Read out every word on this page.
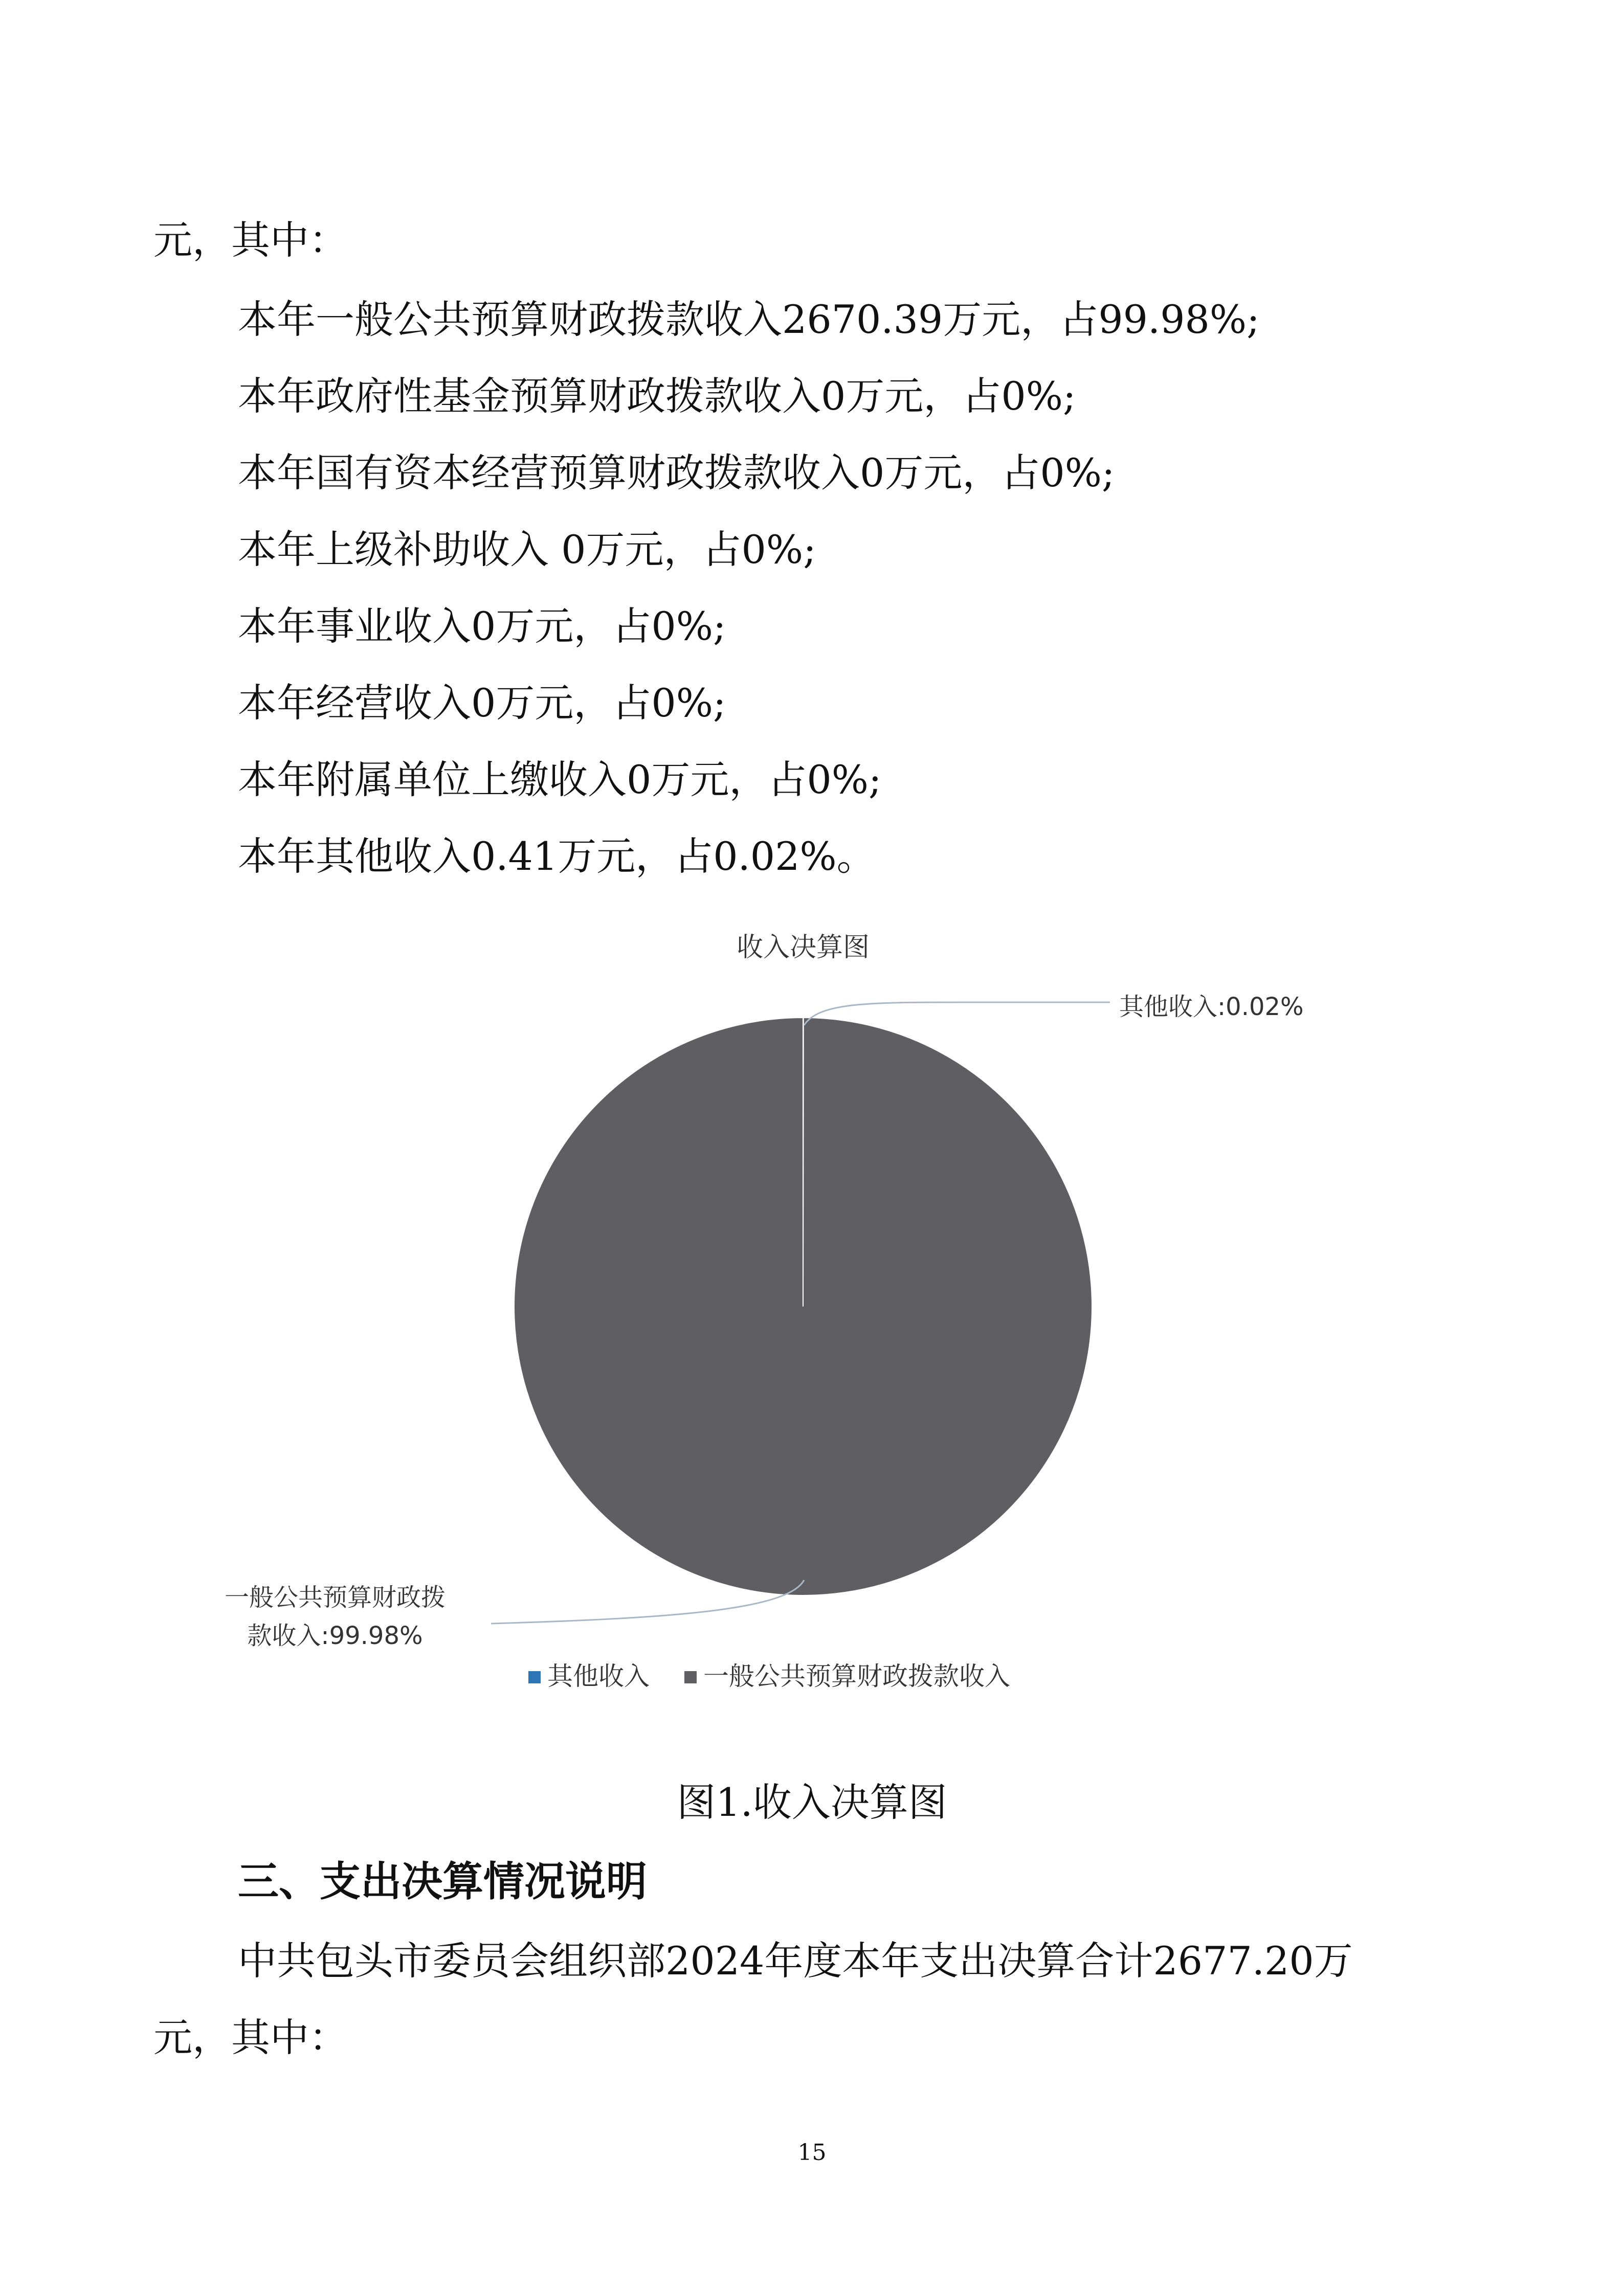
元，其中：

本年一般公共预算财政拨款收入2670.39万元，占99.98%;

本年政府性基金预算财政拨款收入0万元，占0%;

本年国有资本经营预算财政拨款收入0万元，占0%;

本年上级补助收入 0万元，占0%;

本年事业收入0万元，占0%;

本年经营收入0万元，占0%;

本年附属单位上缴收入0万元，占0%;

本年其他收入0.41万元，占0.02%。

收入决算图
其他收入:0.02%
一般公共预算财政拨
款收入:99.98%
其他收入 一般公共预算财政拨款收入

图1.收入决算图

三、支出决算情况说明

中共包头市委员会组织部2024年度本年支出决算合计2677.20万

元，其中：

15
